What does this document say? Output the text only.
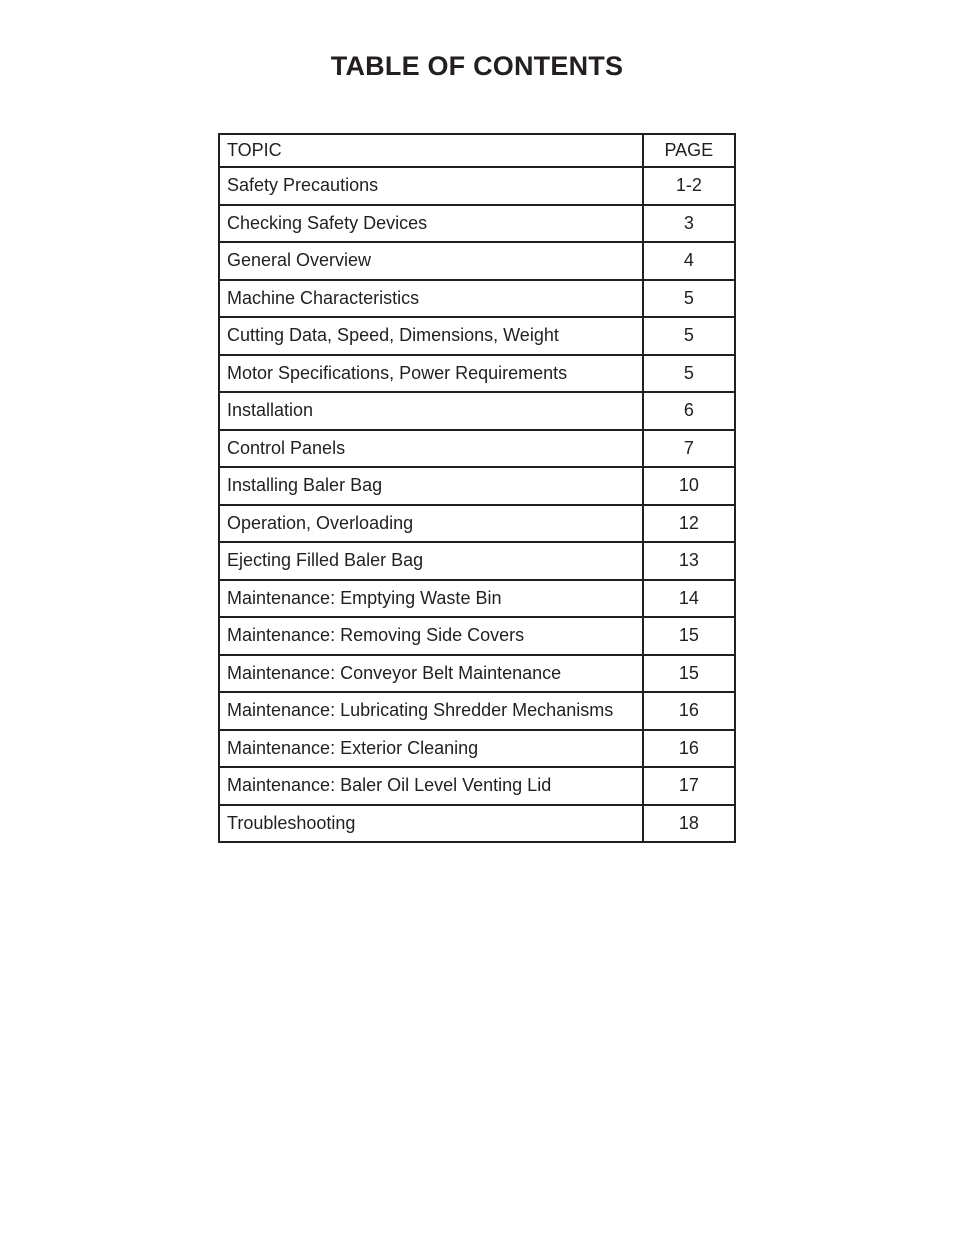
TABLE OF CONTENTS
TOPIC	PAGE
Safety Precautions	1-2
Checking Safety Devices	3
General Overview	4
Machine Characteristics	5
Cutting Data, Speed, Dimensions, Weight	5
Motor Specifications, Power Requirements	5
Installation	6
Control Panels	7
Installing Baler Bag	10
Operation, Overloading	12
Ejecting Filled Baler Bag	13
Maintenance: Emptying Waste Bin	14
Maintenance: Removing Side Covers	15
Maintenance: Conveyor Belt Maintenance	15
Maintenance: Lubricating Shredder Mechanisms	16
Maintenance: Exterior Cleaning	16
Maintenance: Baler Oil Level Venting Lid	17
Troubleshooting	18
